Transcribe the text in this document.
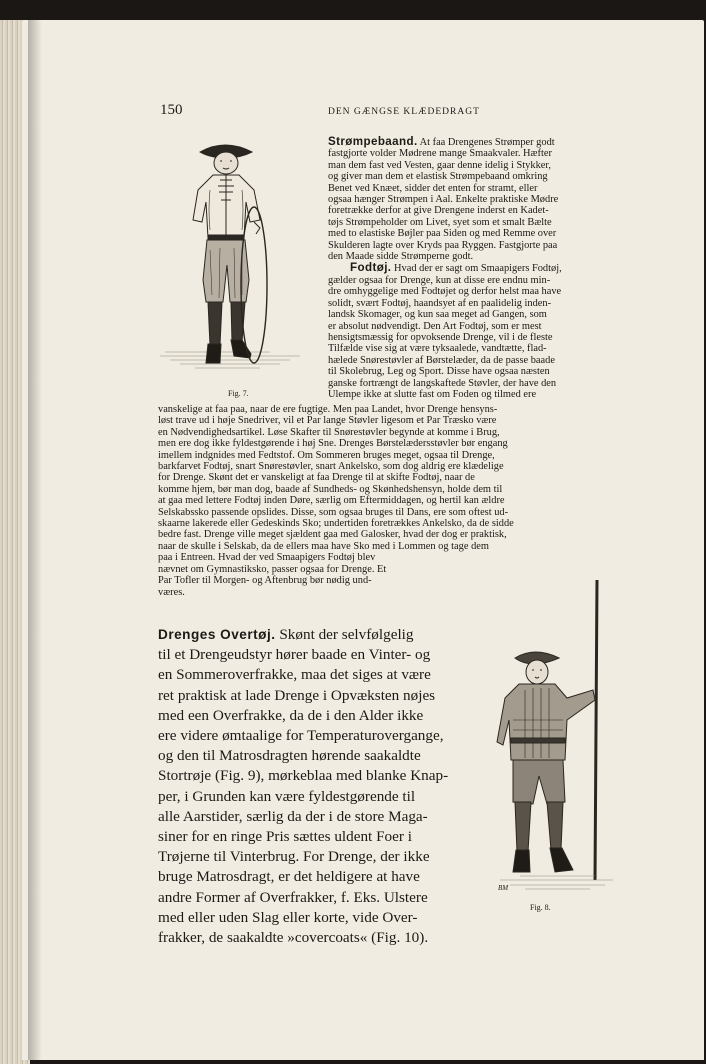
150	DEN GÆNGSE KLÆDEDRAGT
Fig. 7.

Strømpebaand. At faa Drengenes Strømper godt

fastgjorte volder Mødrene mange Smaakvaler. Hæfter

man dem fast ved Vesten, gaar denne idelig i Stykker,

og giver man dem et elastisk Strømpebaand omkring

Benet ved Knæet, sidder det enten for stramt, eller

ogsaa hænger Strømpen i Aal. Enkelte praktiske Mødre

foretrække derfor at give Drengene inderst en Kadet-

tøjs Strømpeholder om Livet, syet som et smalt Bælte

med to elastiske Bøjler paa Siden og med Remme over

Skulderen lagte over Kryds paa Ryggen. Fastgjorte paa

den Maade sidde Strømperne godt.

Fodtøj. Hvad der er sagt om Smaapigers Fodtøj,

gælder ogsaa for Drenge, kun at disse ere endnu min-

dre omhyggelige med Fodtøjet og derfor helst maa have

solidt, svært Fodtøj, haandsyet af en paalidelig inden-

landsk Skomager, og kun saa meget ad Gangen, som

er absolut nødvendigt. Den Art Fodtøj, som er mest

hensigtsmæssig for opvoksende Drenge, vil i de fleste

Tilfælde vise sig at være tyksaalede, vandtætte, flad-

hælede Snørestøvler af Børstelæder, da de passe baade

til Skolebrug, Leg og Sport. Disse have ogsaa næsten

ganske fortrængt de langskaftede Støvler, der have den

Ulempe ikke at slutte fast om Foden og tilmed ere

vanskelige at faa paa, naar de ere fugtige. Men paa Landet, hvor Drenge hensyns-

løst trave ud i høje Snedriver, vil et Par lange Støvler ligesom et Par Træsko være

en Nødvendighedsartikel. Løse Skafter til Snørestøvler begynde at komme i Brug,

men ere dog ikke fyldestgørende i høj Sne. Drenges Børstelædersstøvler bør engang

imellem indgnides med Fedtstof. Om Sommeren bruges meget, ogsaa til Drenge,

barkfarvet Fodtøj, snart Snørestøvler, snart Ankelsko, som dog aldrig ere klædelige

for Drenge. Skønt det er vanskeligt at faa Drenge til at skifte Fodtøj, naar de

komme hjem, bør man dog, baade af Sundheds- og Skønhedshensyn, holde dem til

at gaa med lettere Fodtøj inden Døre, særlig om Eftermiddagen, og hertil kan ældre

Selskabssko passende opslides. Disse, som ogsaa bruges til Dans, ere som oftest ud-

skaarne lakerede eller Gedeskinds Sko; undertiden foretrækkes Ankelsko, da de sidde

bedre fast. Drenge ville meget sjældent gaa med Galosker, hvad der dog er praktisk,

naar de skulle i Selskab, da de ellers maa have Sko med i Lommen og tage dem

paa i Entreen. Hvad der ved Smaapigers Fodtøj blev

nævnet om Gymnastiksko, passer ogsaa for Drenge. Et

Par Tofler til Morgen- og Aftenbrug bør nødig und-

væres.

Drenges Overtøj. Skønt der selvfølgelig
til et Drengeudstyr hører baade en Vinter- og
en Sommeroverfrakke, maa det siges at være
ret praktisk at lade Drenge i Opvæksten nøjes
med een Overfrakke, da de i den Alder ikke
ere videre ømtaalige for Temperaturovergange,
og den til Matrosdragten hørende saakaldte
Stortrøje (Fig. 9), mørkeblaa med blanke Knap-
per, i Grunden kan være fyldestgørende til
alle Aarstider, særlig da der i de store Maga-
siner for en ringe Pris sættes uldent Foer i
Trøjerne til Vinterbrug. For Drenge, der ikke
bruge Matrosdragt, er det heldigere at have
andre Former af Overfrakker, f. Eks. Ulstere
med eller uden Slag eller korte, vide Over-
frakker, de saakaldte »covercoats« (Fig. 10).
BM
Fig. 8.
